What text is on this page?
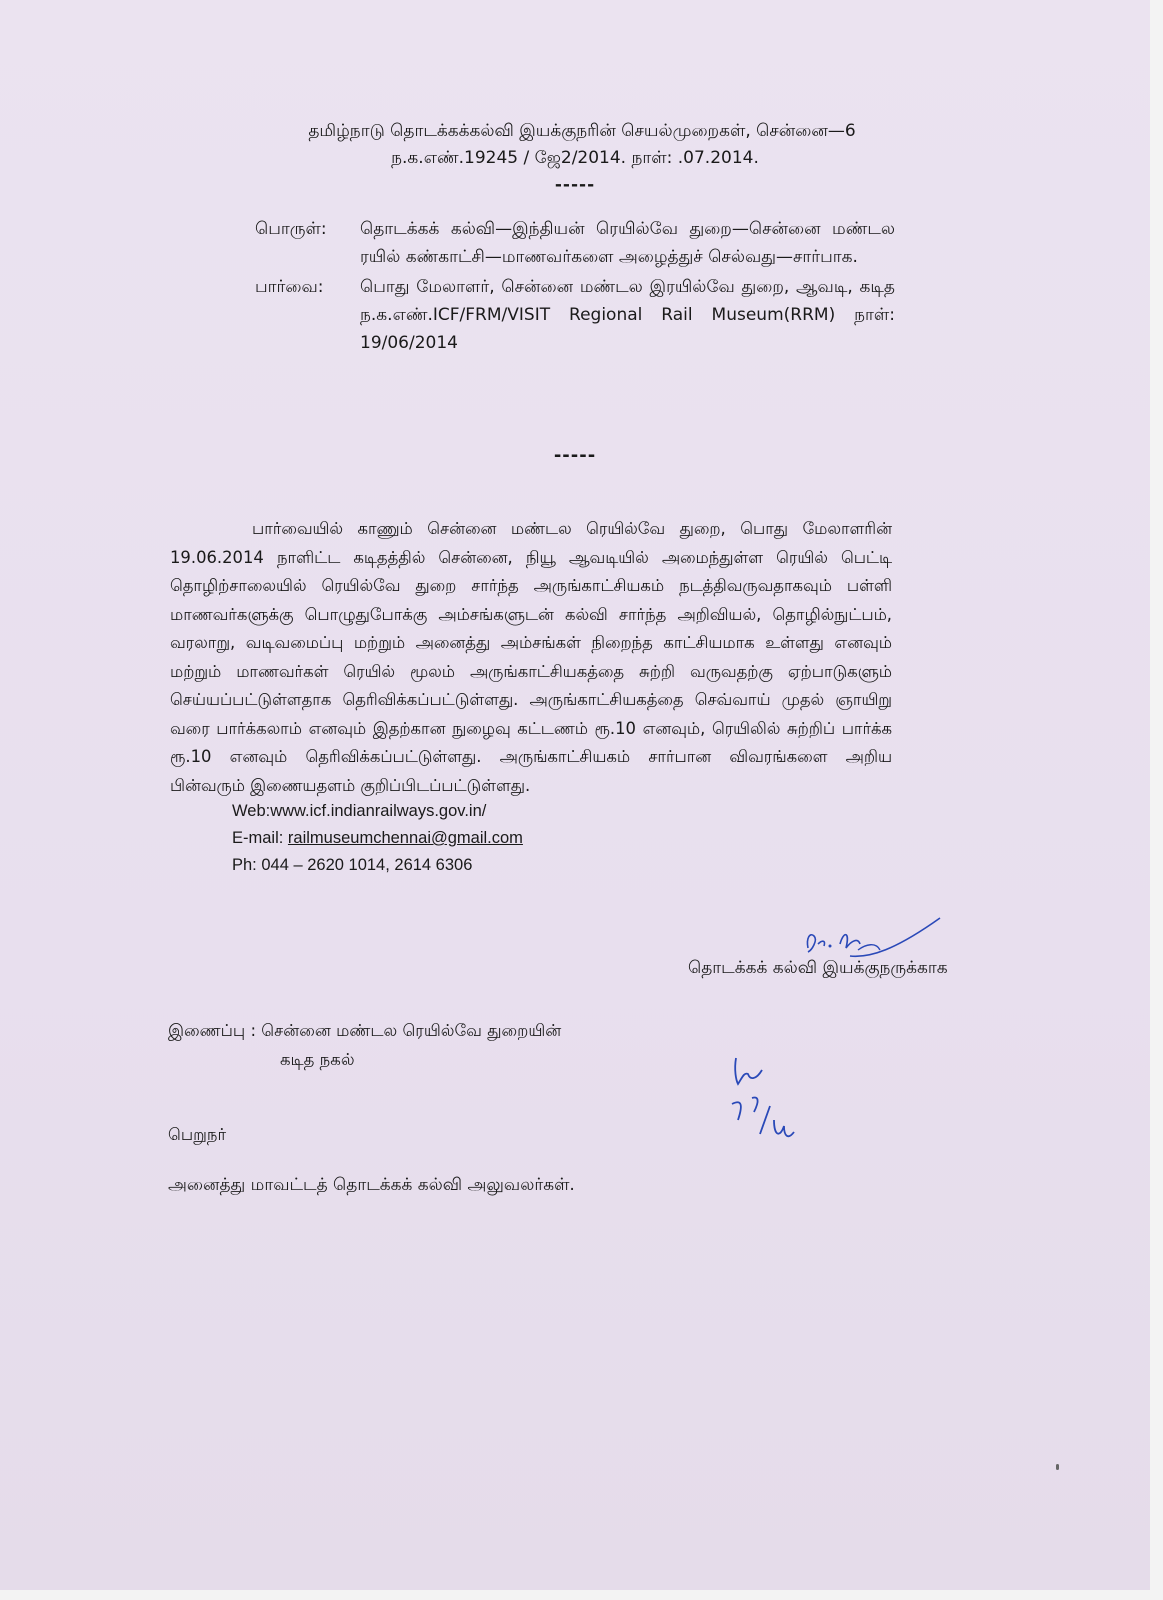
தமிழ்நாடு தொடக்கக்கல்வி இயக்குநரின் செயல்முறைகள், சென்னை—6
ந.க.எண்.19245 / ஜே2/2014. நாள்: .07.2014.
-----
பொருள்:	தொடக்கக் கல்வி—இந்தியன் ரெயில்வே துறை—சென்னை மண்டல ரயில் கண்காட்சி—மாணவர்களை அழைத்துச் செல்வது—சார்பாக.
பார்வை:	பொது மேலாளர், சென்னை மண்டல இரயில்வே துறை, ஆவடி, கடித ந.க.எண்.ICF/FRM/VISIT Regional Rail Museum(RRM) நாள்: 19/06/2014
-----
பார்வையில் காணும் சென்னை மண்டல ரெயில்வே துறை, பொது மேலாளரின் 19.06.2014 நாளிட்ட கடிதத்தில் சென்னை, நியூ ஆவடியில் அமைந்துள்ள ரெயில் பெட்டி தொழிற்சாலையில் ரெயில்வே துறை சார்ந்த அருங்காட்சியகம் நடத்திவருவதாகவும் பள்ளி மாணவர்களுக்கு பொழுதுபோக்கு அம்சங்களுடன் கல்வி சார்ந்த அறிவியல், தொழில்நுட்பம், வரலாறு, வடிவமைப்பு மற்றும் அனைத்து அம்சங்கள் நிறைந்த காட்சியமாக உள்ளது எனவும் மற்றும் மாணவர்கள் ரெயில் மூலம் அருங்காட்சியகத்தை சுற்றி வருவதற்கு ஏற்பாடுகளும் செய்யப்பட்டுள்ளதாக தெரிவிக்கப்பட்டுள்ளது. அருங்காட்சியகத்தை செவ்வாய் முதல் ஞாயிறு வரை பார்க்கலாம் எனவும் இதற்கான நுழைவு கட்டணம் ரூ.10 எனவும், ரெயிலில் சுற்றிப் பார்க்க ரூ.10 எனவும் தெரிவிக்கப்பட்டுள்ளது. அருங்காட்சியகம் சார்பான விவரங்களை அறிய பின்வரும் இணையதளம் குறிப்பிடப்பட்டுள்ளது.
Web:www.icf.indianrailways.gov.in/
E-mail: railmuseumchennai@gmail.com
Ph: 044 – 2620 1014, 2614 6306
தொடக்கக் கல்வி இயக்குநருக்காக
இணைப்பு : சென்னை மண்டல ரெயில்வே துறையின்
கடித நகல்
பெறுநர்
அனைத்து மாவட்டத் தொடக்கக் கல்வி அலுவலர்கள்.
